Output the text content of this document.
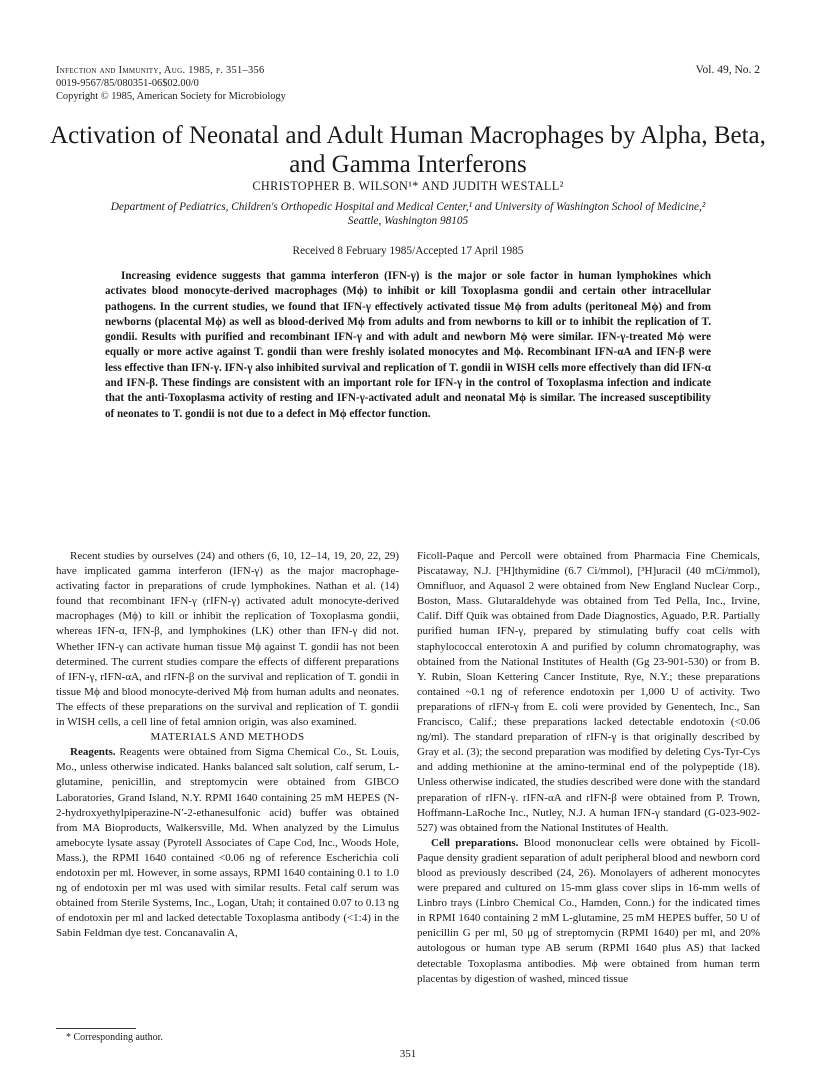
Infection and Immunity, Aug. 1985, p. 351–356
0019-9567/85/080351-06$02.00/0
Copyright © 1985, American Society for Microbiology
Vol. 49, No. 2
Activation of Neonatal and Adult Human Macrophages by Alpha, Beta, and Gamma Interferons
CHRISTOPHER B. WILSON¹* AND JUDITH WESTALL²
Department of Pediatrics, Children's Orthopedic Hospital and Medical Center,¹ and University of Washington School of Medicine,² Seattle, Washington 98105
Received 8 February 1985/Accepted 17 April 1985
Increasing evidence suggests that gamma interferon (IFN-γ) is the major or sole factor in human lymphokines which activates blood monocyte-derived macrophages (Mϕ) to inhibit or kill Toxoplasma gondii and certain other intracellular pathogens. In the current studies, we found that IFN-γ effectively activated tissue Mϕ from adults (peritoneal Mϕ) and from newborns (placental Mϕ) as well as blood-derived Mϕ from adults and from newborns to kill or to inhibit the replication of T. gondii. Results with purified and recombinant IFN-γ and with adult and newborn Mϕ were similar. IFN-γ-treated Mϕ were equally or more active against T. gondii than were freshly isolated monocytes and Mϕ. Recombinant IFN-αA and IFN-β were less effective than IFN-γ. IFN-γ also inhibited survival and replication of T. gondii in WISH cells more effectively than did IFN-α and IFN-β. These findings are consistent with an important role for IFN-γ in the control of Toxoplasma infection and indicate that the anti-Toxoplasma activity of resting and IFN-γ-activated adult and neonatal Mϕ is similar. The increased susceptibility of neonates to T. gondii is not due to a defect in Mϕ effector function.

Recent studies by ourselves (24) and others (6, 10, 12–14, 19, 20, 22, 29) have implicated gamma interferon (IFN-γ) as the major macrophage-activating factor in preparations of crude lymphokines. Nathan et al. (14) found that recombinant IFN-γ (rIFN-γ) activated adult monocyte-derived macrophages (Mϕ) to kill or inhibit the replication of Toxoplasma gondii, whereas IFN-α, IFN-β, and lymphokines (LK) other than IFN-γ did not. Whether IFN-γ can activate human tissue Mϕ against T. gondii has not been determined. The current studies compare the effects of different preparations of IFN-γ, rIFN-αA, and rIFN-β on the survival and replication of T. gondii in tissue Mϕ and blood monocyte-derived Mϕ from human adults and neonates. The effects of these preparations on the survival and replication of T. gondii in WISH cells, a cell line of fetal amnion origin, was also examined.

MATERIALS AND METHODS

Reagents. Reagents were obtained from Sigma Chemical Co., St. Louis, Mo., unless otherwise indicated. Hanks balanced salt solution, calf serum, L-glutamine, penicillin, and streptomycin were obtained from GIBCO Laboratories, Grand Island, N.Y. RPMI 1640 containing 25 mM HEPES (N-2-hydroxyethylpiperazine-N′-2-ethanesulfonic acid) buffer was obtained from MA Bioproducts, Walkersville, Md. When analyzed by the Limulus amebocyte lysate assay (Pyrotell Associates of Cape Cod, Inc., Woods Hole, Mass.), the RPMI 1640 contained <0.06 ng of reference Escherichia coli endotoxin per ml. However, in some assays, RPMI 1640 containing 0.1 to 1.0 ng of endotoxin per ml was used with similar results. Fetal calf serum was obtained from Sterile Systems, Inc., Logan, Utah; it contained 0.07 to 0.13 ng of endotoxin per ml and lacked detectable Toxoplasma antibody (<1:4) in the Sabin Feldman dye test. Concanavalin A,

Ficoll-Paque and Percoll were obtained from Pharmacia Fine Chemicals, Piscataway, N.J. [³H]thymidine (6.7 Ci/mmol), [³H]uracil (40 mCi/mmol), Omnifluor, and Aquasol 2 were obtained from New England Nuclear Corp., Boston, Mass. Glutaraldehyde was obtained from Ted Pella, Inc., Irvine, Calif. Diff Quik was obtained from Dade Diagnostics, Aguado, P.R. Partially purified human IFN-γ, prepared by stimulating buffy coat cells with staphylococcal enterotoxin A and purified by column chromatography, was obtained from the National Institutes of Health (Gg 23-901-530) or from B. Y. Rubin, Sloan Kettering Cancer Institute, Rye, N.Y.; these preparations contained ~0.1 ng of reference endotoxin per 1,000 U of activity. Two preparations of rIFN-γ from E. coli were provided by Genentech, Inc., San Francisco, Calif.; these preparations lacked detectable endotoxin (<0.06 ng/ml). The standard preparation of rIFN-γ is that originally described by Gray et al. (3); the second preparation was modified by deleting Cys-Tyr-Cys and adding methionine at the amino-terminal end of the polypeptide (18). Unless otherwise indicated, the studies described were done with the standard preparation of rIFN-γ. rIFN-αA and rIFN-β were obtained from P. Trown, Hoffmann-LaRoche Inc., Nutley, N.J. A human IFN-γ standard (G-023-902-527) was obtained from the National Institutes of Health.

Cell preparations. Blood mononuclear cells were obtained by Ficoll-Paque density gradient separation of adult peripheral blood and newborn cord blood as previously described (24, 26). Monolayers of adherent monocytes were prepared and cultured on 15-mm glass cover slips in 16-mm wells of Linbro trays (Linbro Chemical Co., Hamden, Conn.) for the indicated times in RPMI 1640 containing 2 mM L-glutamine, 25 mM HEPES buffer, 50 U of penicillin G per ml, 50 μg of streptomycin (RPMI 1640) per ml, and 20% autologous or human type AB serum (RPMI 1640 plus AS) that lacked detectable Toxoplasma antibodies. Mϕ were obtained from human term placentas by digestion of washed, minced tissue

* Corresponding author.
351
